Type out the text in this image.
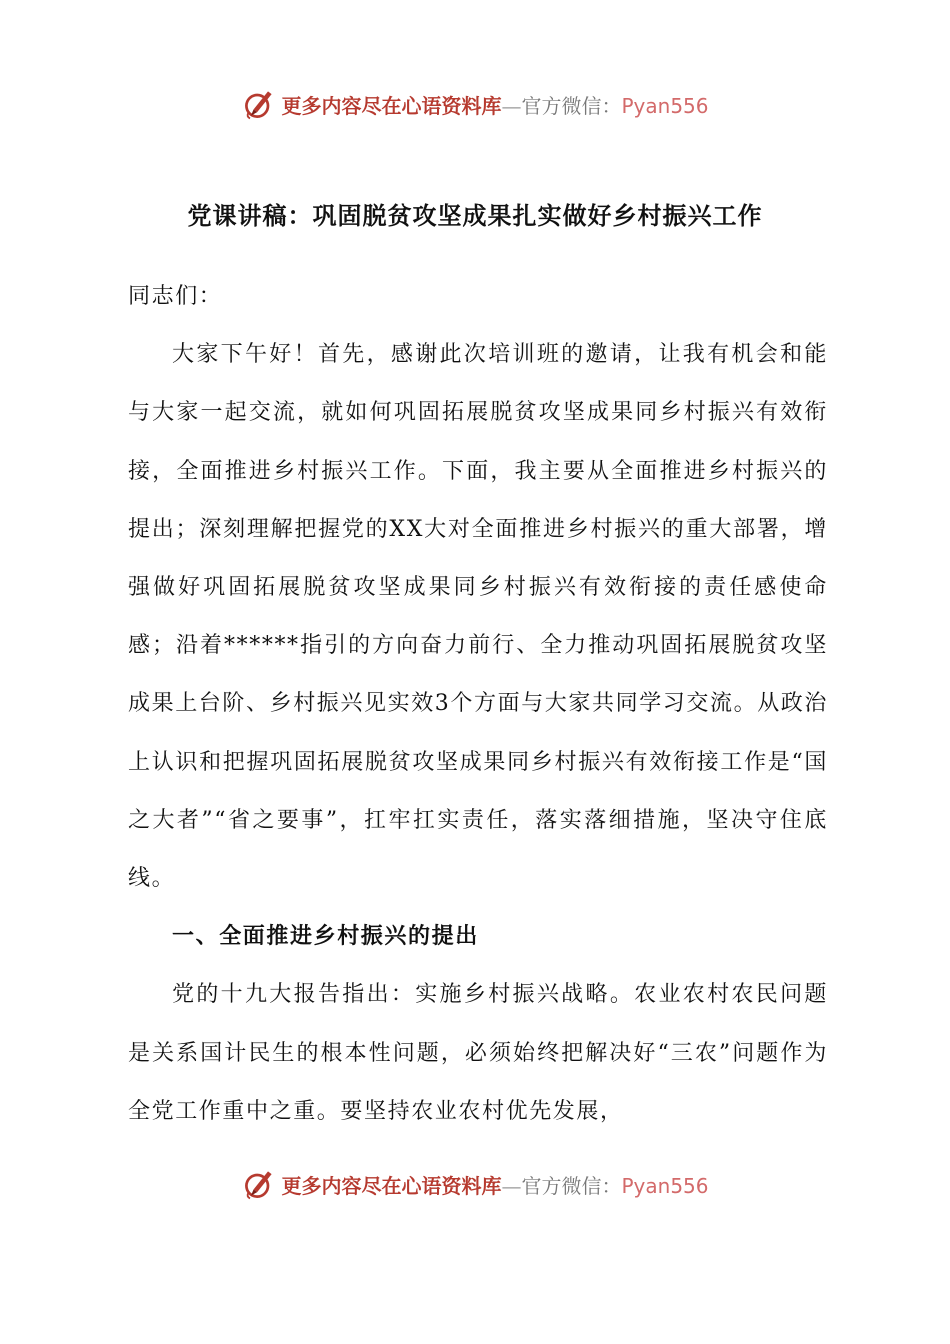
更多内容尽在心语资料库—官方微信：Pyan556
党课讲稿：巩固脱贫攻坚成果扎实做好乡村振兴工作

同志们：

大家下午好！首先，感谢此次培训班的邀请，让我有机会和能与大家一起交流，就如何巩固拓展脱贫攻坚成果同乡村振兴有效衔接，全面推进乡村振兴工作。下面，我主要从全面推进乡村振兴的提出；深刻理解把握党的XX大对全面推进乡村振兴的重大部署，增强做好巩固拓展脱贫攻坚成果同乡村振兴有效衔接的责任感使命感；沿着******指引的方向奋力前行、全力推动巩固拓展脱贫攻坚成果上台阶、乡村振兴见实效3个方面与大家共同学习交流。从政治上认识和把握巩固拓展脱贫攻坚成果同乡村振兴有效衔接工作是“国之大者”“省之要事”，扛牢扛实责任，落实落细措施，坚决守住底线。

一、全面推进乡村振兴的提出

党的十九大报告指出：实施乡村振兴战略。农业农村农民问题是关系国计民生的根本性问题，必须始终把解决好“三农”问题作为全党工作重中之重。要坚持农业农村优先发展，

更多内容尽在心语资料库—官方微信：Pyan556
